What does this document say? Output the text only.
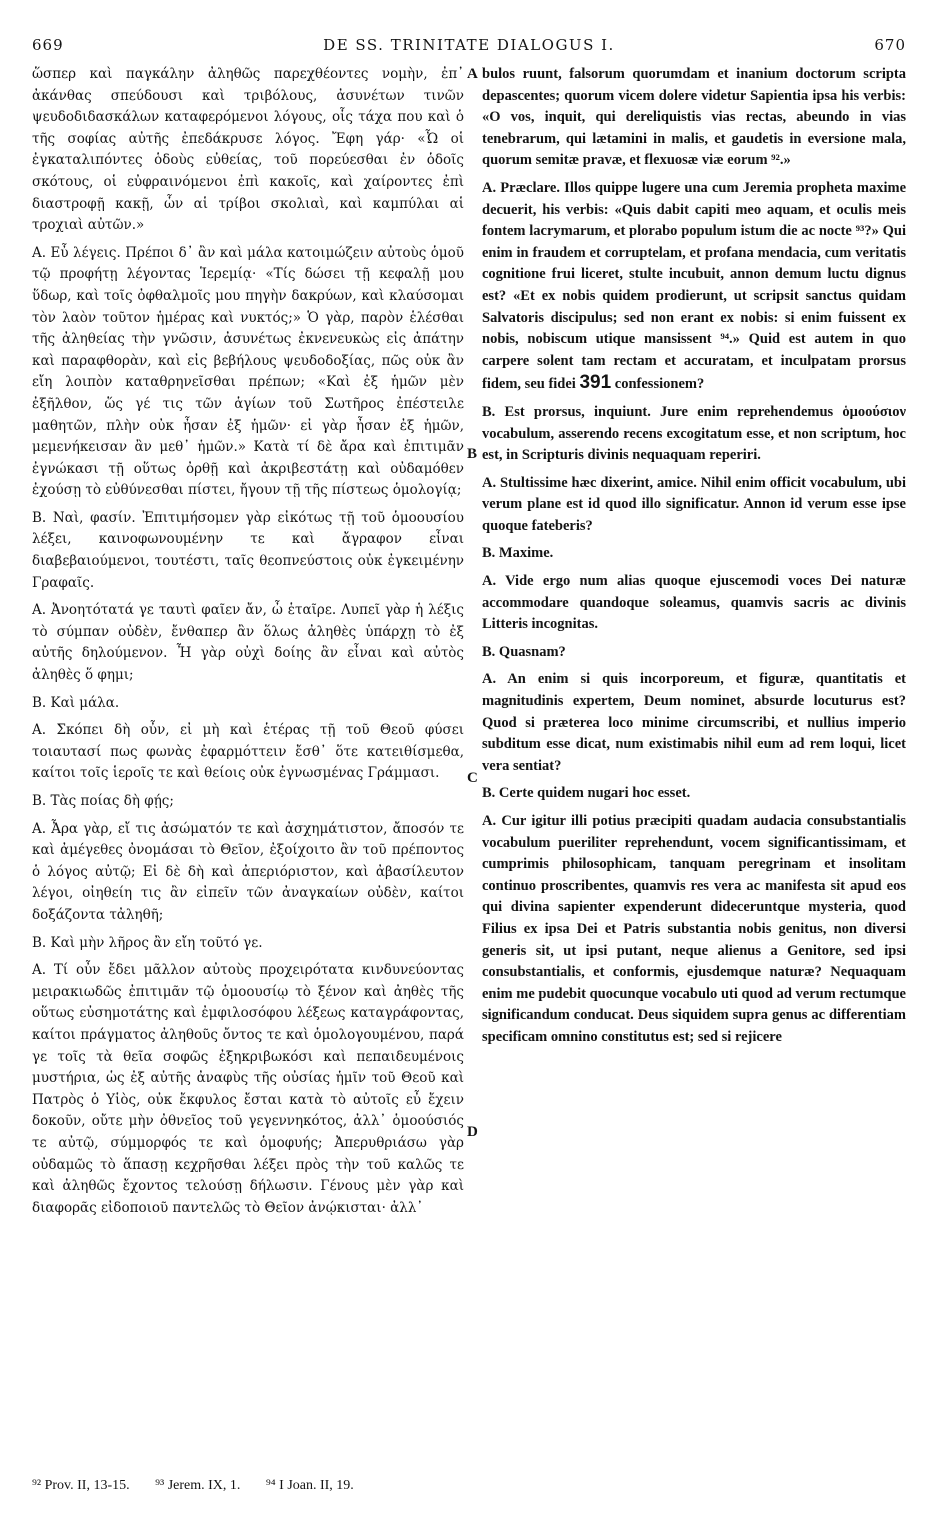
669	DE SS. TRINITATE DIALOGUS I.	670
A
B
C
D

ὥσπερ καὶ παγκάλην ἀληθῶς παρεχθέοντες νομὴν, ἐπ᾽ ἀκάνθας σπεύδουσι καὶ τριβόλους, ἀσυνέτων τινῶν ψευδοδιδασκάλων καταφερόμενοι λόγους, οἷς τάχα που καὶ ὁ τῆς σοφίας αὐτῆς ἐπεδάκρυσε λόγος. Ἔφη γάρ· «Ὦ οἱ ἐγκαταλιπόντες ὁδοὺς εὐθείας, τοῦ πορεύεσθαι ἐν ὁδοῖς σκότους, οἱ εὐφραινόμενοι ἐπὶ κακοῖς, καὶ χαίροντες ἐπὶ διαστροφῇ κακῇ, ὧν αἱ τρίβοι σκολιαὶ, καὶ καμπύλαι αἱ τροχιαὶ αὐτῶν.»

Α. Εὖ λέγεις. Πρέποι δ᾽ ἂν καὶ μάλα κατοιμώζειν αὐτοὺς ὁμοῦ τῷ προφήτῃ λέγοντας Ἱερεμίᾳ· «Τίς δώσει τῇ κεφαλῇ μου ὕδωρ, καὶ τοῖς ὀφθαλμοῖς μου πηγὴν δακρύων, καὶ κλαύσομαι τὸν λαὸν τοῦτον ἡμέρας καὶ νυκτός;» Ὁ γὰρ, παρὸν ἑλέσθαι τῆς ἀληθείας τὴν γνῶσιν, ἀσυνέτως ἐκνενευκὼς εἰς ἀπάτην καὶ παραφθορὰν, καὶ εἰς βεβήλους ψευδοδοξίας, πῶς οὐκ ἂν εἴη λοιπὸν καταθρηνεῖσθαι πρέπων; «Καὶ ἐξ ἡμῶν μὲν ἐξῆλθον, ὥς γέ τις τῶν ἁγίων τοῦ Σωτῆρος ἐπέστειλε μαθητῶν, πλὴν οὐκ ἦσαν ἐξ ἡμῶν· εἰ γὰρ ἦσαν ἐξ ἡμῶν, μεμενήκεισαν ἂν μεθ᾽ ἡμῶν.» Κατὰ τί δὲ ἄρα καὶ ἐπιτιμᾶν ἐγνώκασι τῇ οὕτως ὀρθῇ καὶ ἀκριβεστάτῃ καὶ οὐδαμόθεν ἐχούσῃ τὸ εὐθύνεσθαι πίστει, ἤγουν τῇ τῆς πίστεως ὁμολογίᾳ;

Β. Ναὶ, φασίν. Ἐπιτιμήσομεν γὰρ εἰκότως τῇ τοῦ ὁμοουσίου λέξει, καινοφωνουμένην τε καὶ ἄγραφον εἶναι διαβεβαιούμενοι, τουτέστι, ταῖς θεοπνεύστοις οὐκ ἐγκειμένην Γραφαῖς.

Α. Ἀνοητότατά γε ταυτὶ φαῖεν ἄν, ὦ ἑταῖρε. Λυπεῖ γὰρ ἡ λέξις τὸ σύμπαν οὐδὲν, ἔνθαπερ ἂν ὅλως ἀληθὲς ὑπάρχῃ τὸ ἐξ αὐτῆς δηλούμενον. Ἦ γὰρ οὐχὶ δοίης ἂν εἶναι καὶ αὐτὸς ἀληθὲς ὅ φημι;

Β. Καὶ μάλα.

Α. Σκόπει δὴ οὖν, εἰ μὴ καὶ ἑτέρας τῇ τοῦ Θεοῦ φύσει τοιαυτασί πως φωνὰς ἐφαρμόττειν ἔσθ᾽ ὅτε κατειθίσμεθα, καίτοι τοῖς ἱεροῖς τε καὶ θείοις οὐκ ἐγνωσμένας Γράμμασι.

Β. Τὰς ποίας δὴ φῄς;

Α. Ἆρα γὰρ, εἴ τις ἀσώματόν τε καὶ ἀσχημάτιστον, ἄποσόν τε καὶ ἀμέγεθες ὀνομάσαι τὸ Θεῖον, ἐξοίχοιτο ἂν τοῦ πρέποντος ὁ λόγος αὐτῷ; Εἰ δὲ δὴ καὶ ἀπεριόριστον, καὶ ἀβασίλευτον λέγοι, οἰηθείη τις ἂν εἰπεῖν τῶν ἀναγκαίων οὐδὲν, καίτοι δοξάζοντα τἀληθῆ;

Β. Καὶ μὴν λῆρος ἂν εἴη τοῦτό γε.

Α. Τί οὖν ἔδει μᾶλλον αὐτοὺς προχειρότατα κινδυνεύοντας μειρακιωδῶς ἐπιτιμᾶν τῷ ὁμοουσίῳ τὸ ξένον καὶ ἀηθὲς τῆς οὕτως εὐσημοτάτης καὶ ἐμφιλοσόφου λέξεως καταγράφοντας, καίτοι πράγματος ἀληθοῦς ὄντος τε καὶ ὁμολογουμένου, παρά γε τοῖς τὰ θεῖα σοφῶς ἐξηκριβωκόσι καὶ πεπαιδευμένοις μυστήρια, ὡς ἐξ αὐτῆς ἀναφὺς τῆς οὐσίας ἡμῖν τοῦ Θεοῦ καὶ Πατρὸς ὁ Υἱὸς, οὐκ ἔκφυλος ἔσται κατὰ τὸ αὐτοῖς εὖ ἔχειν δοκοῦν, οὔτε μὴν ὀθνεῖος τοῦ γεγεννηκότος, ἀλλ᾽ ὁμοούσιός τε αὐτῷ, σύμμορφός τε καὶ ὁμοφυής; Ἀπερυθριάσω γὰρ οὐδαμῶς τὸ ἅπασῃ κεχρῆσθαι λέξει πρὸς τὴν τοῦ καλῶς τε καὶ ἀληθῶς ἔχοντος τελούσῃ δήλωσιν. Γένους μὲν γὰρ καὶ διαφορᾶς εἰδοποιοῦ παντελῶς τὸ Θεῖον ἀνῴκισται· ἀλλ᾽

bulos ruunt, falsorum quorumdam et inanium doctorum scripta depascentes; quorum vicem dolere videtur Sapientia ipsa his verbis: «O vos, inquit, qui dereliquistis vias rectas, abeundo in vias tenebrarum, qui lætamini in malis, et gaudetis in eversione mala, quorum semitæ pravæ, et flexuosæ viæ eorum ⁹².»

A. Præclare. Illos quippe lugere una cum Jeremia propheta maxime decuerit, his verbis: «Quis dabit capiti meo aquam, et oculis meis fontem lacrymarum, et plorabo populum istum die ac nocte ⁹³?» Qui enim in fraudem et corruptelam, et profana mendacia, cum veritatis cognitione frui liceret, stulte incubuit, annon demum luctu dignus est? «Et ex nobis quidem prodierunt, ut scripsit sanctus quidam Salvatoris discipulus; sed non erant ex nobis: si enim fuissent ex nobis, nobiscum utique mansissent ⁹⁴.» Quid est autem in quo carpere solent tam rectam et accuratam, et inculpatam prorsus fidem, seu fidei 391 confessionem?

B. Est prorsus, inquiunt. Jure enim reprehendemus ὁμοούσιον vocabulum, asserendo recens excogitatum esse, et non scriptum, hoc est, in Scripturis divinis nequaquam reperiri.

A. Stultissime hæc dixerint, amice. Nihil enim officit vocabulum, ubi verum plane est id quod illo significatur. Annon id verum esse ipse quoque fateberis?

B. Maxime.

A. Vide ergo num alias quoque ejuscemodi voces Dei naturæ accommodare quandoque soleamus, quamvis sacris ac divinis Litteris incognitas.

B. Quasnam?

A. An enim si quis incorporeum, et figuræ, quantitatis et magnitudinis expertem, Deum nominet, absurde locuturus est? Quod si præterea loco minime circumscribi, et nullius imperio subditum esse dicat, num existimabis nihil eum ad rem loqui, licet vera sentiat?

B. Certe quidem nugari hoc esset.

A. Cur igitur illi potius præcipiti quadam audacia consubstantialis vocabulum pueriliter reprehendunt, vocem significantissimam, et cumprimis philosophicam, tanquam peregrinam et insolitam continuo proscribentes, quamvis res vera ac manifesta sit apud eos qui divina sapienter expenderunt dideceruntque mysteria, quod Filius ex ipsa Dei et Patris substantia nobis genitus, non diversi generis sit, ut ipsi putant, neque alienus a Genitore, sed ipsi consubstantialis, et conformis, ejusdemque naturæ? Nequaquam enim me pudebit quocunque vocabulo uti quod ad verum rectumque significandum conducat. Deus siquidem supra genus ac differentiam specificam omnino constitutus est; sed si rejicere

⁹² Prov. II, 13-15. ⁹³ Jerem. IX, 1. ⁹⁴ I Joan. II, 19.
